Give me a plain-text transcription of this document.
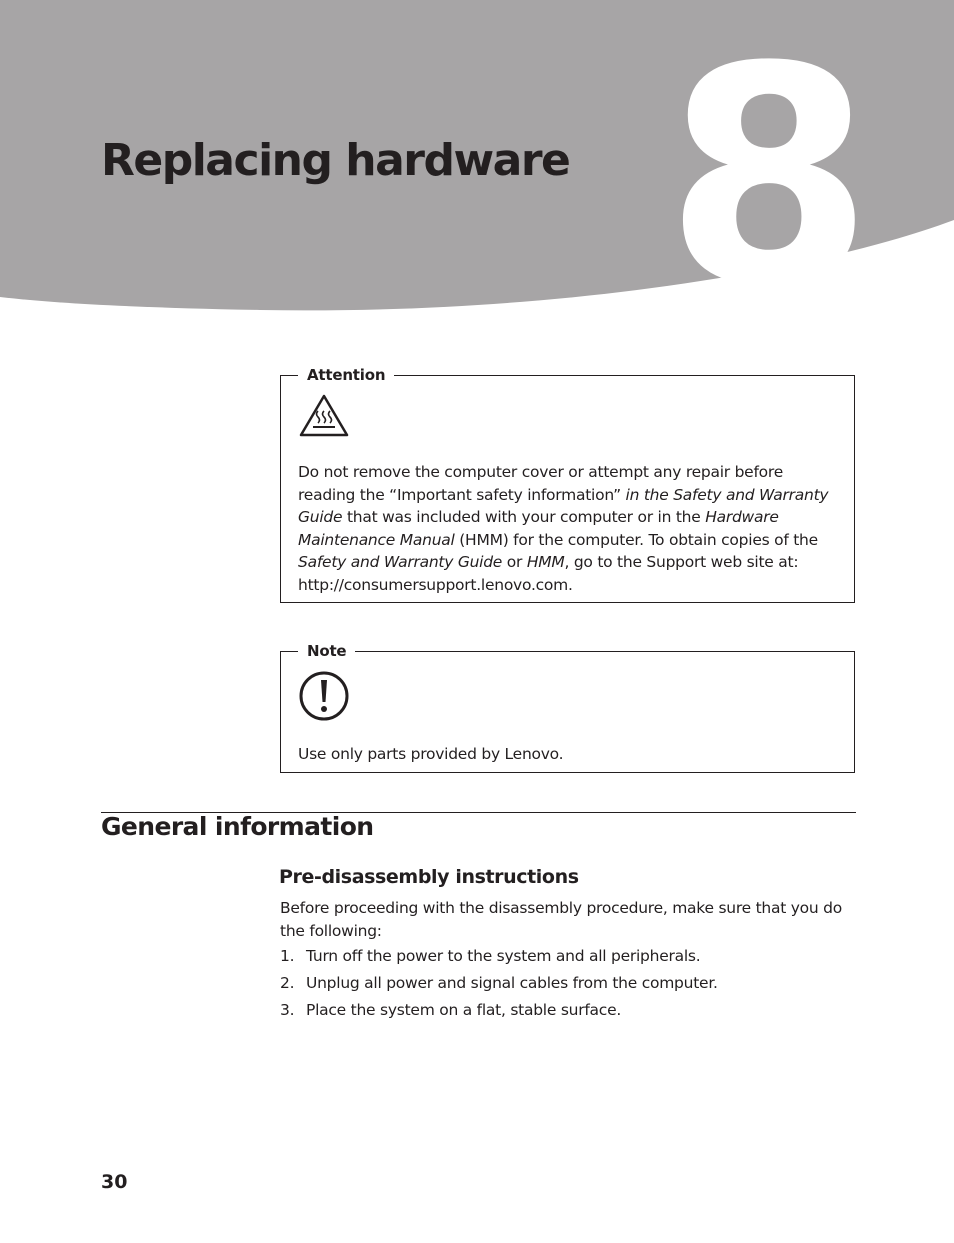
8
Replacing hardware
Attention

Do not remove the computer cover or attempt any repair before reading the “Important safety information” in the Safety and Warranty Guide that was included with your computer or in the Hardware Maintenance Manual (HMM) for the computer. To obtain copies of the Safety and Warranty Guide or HMM, go to the Support web site at: http://consumersupport.lenovo.com.

Note

Use only parts provided by Lenovo.

General information
Pre-disassembly instructions

Before proceeding with the disassembly procedure, make sure that you do the following:

1. Turn off the power to the system and all peripherals.
2. Unplug all power and signal cables from the computer.
3. Place the system on a flat, stable surface.
30
